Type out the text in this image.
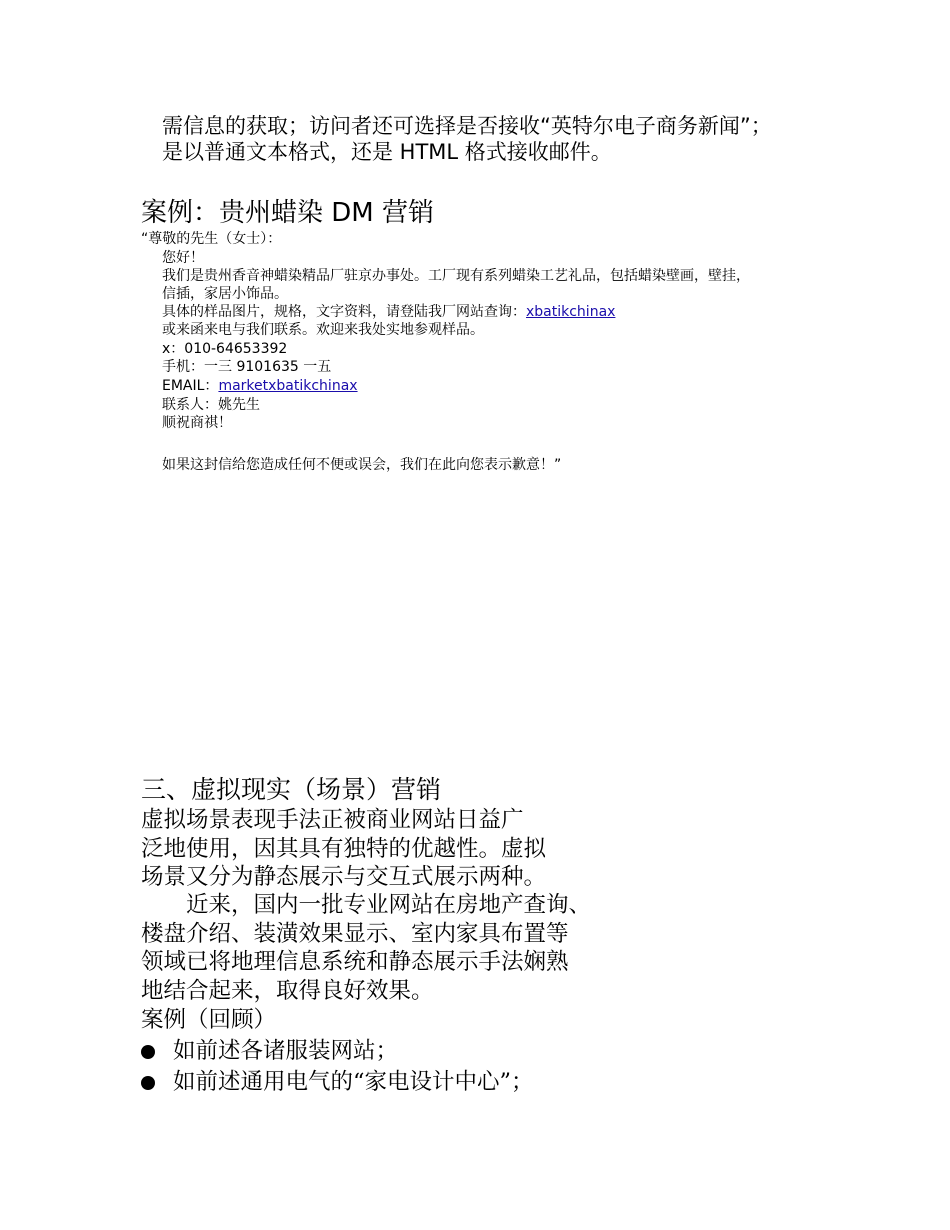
需信息的获取；访问者还可选择是否接收“英特尔电子商务新闻”；
是以普通文本格式，还是 HTML 格式接收邮件。
案例：贵州蜡染 DM 营销
“尊敬的先生（女士）：
您好！
我们是贵州香音神蜡染精品厂驻京办事处。工厂现有系列蜡染工艺礼品，包括蜡染壁画，壁挂，
信插，家居小饰品。
具体的样品图片，规格，文字资料，请登陆我厂网站查询：xbatikchinax
或来函来电与我们联系。欢迎来我处实地参观样品。
x：010-64653392
手机：一三 9101635 一五
EMAIL：marketxbatikchinax
联系人：姚先生
顺祝商祺！
如果这封信给您造成任何不便或误会，我们在此向您表示歉意！”
三、虚拟现实（场景）营销
虚拟场景表现手法正被商业网站日益广
泛地使用，因其具有独特的优越性。虚拟
场景又分为静态展示与交互式展示两种。
　　近来，国内一批专业网站在房地产查询、
楼盘介绍、装潢效果显示、室内家具布置等
领域已将地理信息系统和静态展示手法娴熟
地结合起来，取得良好效果。
案例（回顾）
如前述各诸服装网站；
如前述通用电气的“家电设计中心”；
